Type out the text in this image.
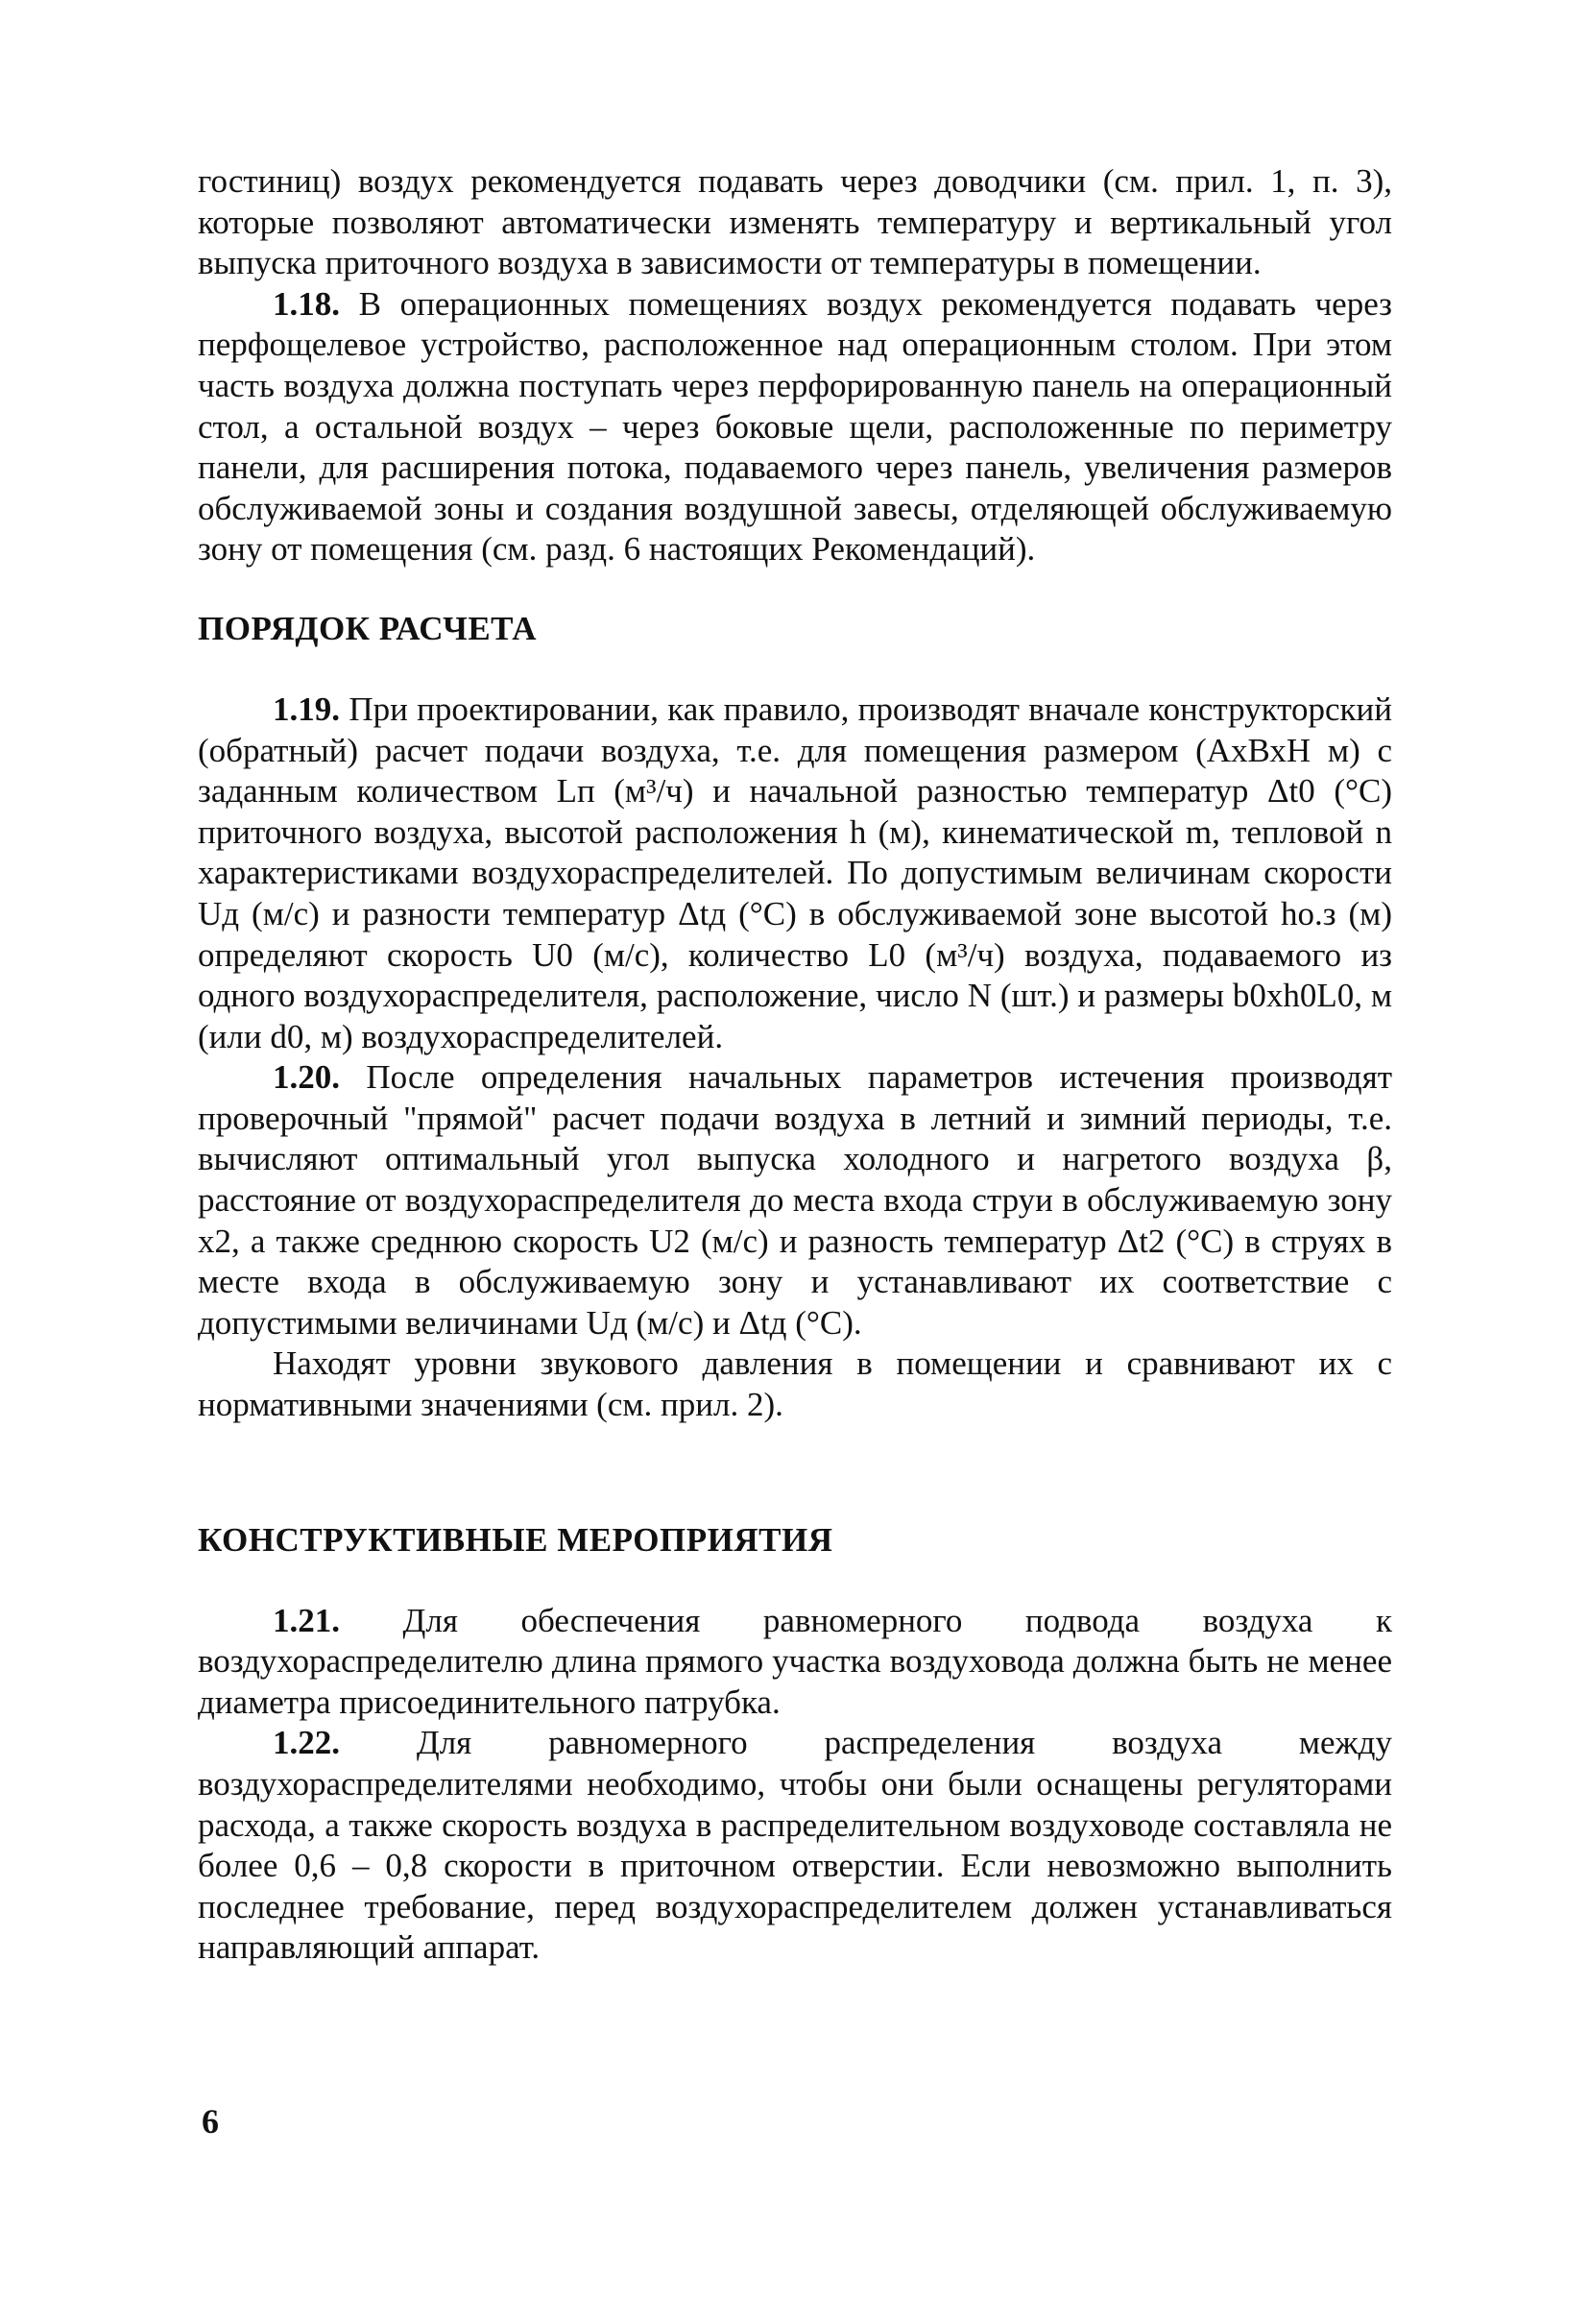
гостиниц) воздух рекомендуется подавать через доводчики (см. прил. 1, п. 3), которые позволяют автоматически изменять температуру и вертикальный угол выпуска приточного воздуха в зависимости от температуры в помещении.

1.18. В операционных помещениях воздух рекомендуется подавать через перфощелевое устройство, расположенное над операционным столом. При этом часть воздуха должна поступать через перфорированную панель на операционный стол, а остальной воздух – через боковые щели, расположенные по периметру панели, для расширения потока, подаваемого через панель, увеличения размеров обслуживаемой зоны и создания воздушной завесы, отделяющей обслуживаемую зону от помещения (см. разд. 6 настоящих Рекомендаций).

ПОРЯДОК РАСЧЕТА

1.19. При проектировании, как правило, производят вначале конструкторский (обратный) расчет подачи воздуха, т.е. для помещения размером (АхВхН м) с заданным количеством Lп (м³/ч) и начальной разностью температур Δt0 (°С) приточного воздуха, высотой расположения h (м), кинематической m, тепловой n характеристиками воздухораспределителей. По допустимым величинам скорости Uд (м/с) и разности температур Δtд (°С) в обслуживаемой зоне высотой hо.з (м) определяют скорость U0 (м/с), количество L0 (м³/ч) воздуха, подаваемого из одного воздухораспределителя, расположение, число N (шт.) и размеры b0хh0L0, м (или d0, м) воздухораспределителей.

1.20. После определения начальных параметров истечения производят проверочный "прямой" расчет подачи воздуха в летний и зимний периоды, т.е. вычисляют оптимальный угол выпуска холодного и нагретого воздуха β, расстояние от воздухораспределителя до места входа струи в обслуживаемую зону x2, а также среднюю скорость U2 (м/с) и разность температур Δt2 (°С) в струях в месте входа в обслуживаемую зону и устанавливают их соответствие с допустимыми величинами Uд (м/с) и Δtд (°С).

Находят уровни звукового давления в помещении и сравнивают их с нормативными значениями (см. прил. 2).

КОНСТРУКТИВНЫЕ МЕРОПРИЯТИЯ

1.21. Для обеспечения равномерного подвода воздуха к воздухораспределителю длина прямого участка воздуховода должна быть не менее диаметра присоединительного патрубка.

1.22. Для равномерного распределения воздуха между воздухораспределителями необходимо, чтобы они были оснащены регуляторами расхода, а также скорость воздуха в распределительном воздуховоде составляла не более 0,6 – 0,8 скорости в приточном отверстии. Если невозможно выполнить последнее требование, перед воздухораспределителем должен устанавливаться направляющий аппарат.

6
